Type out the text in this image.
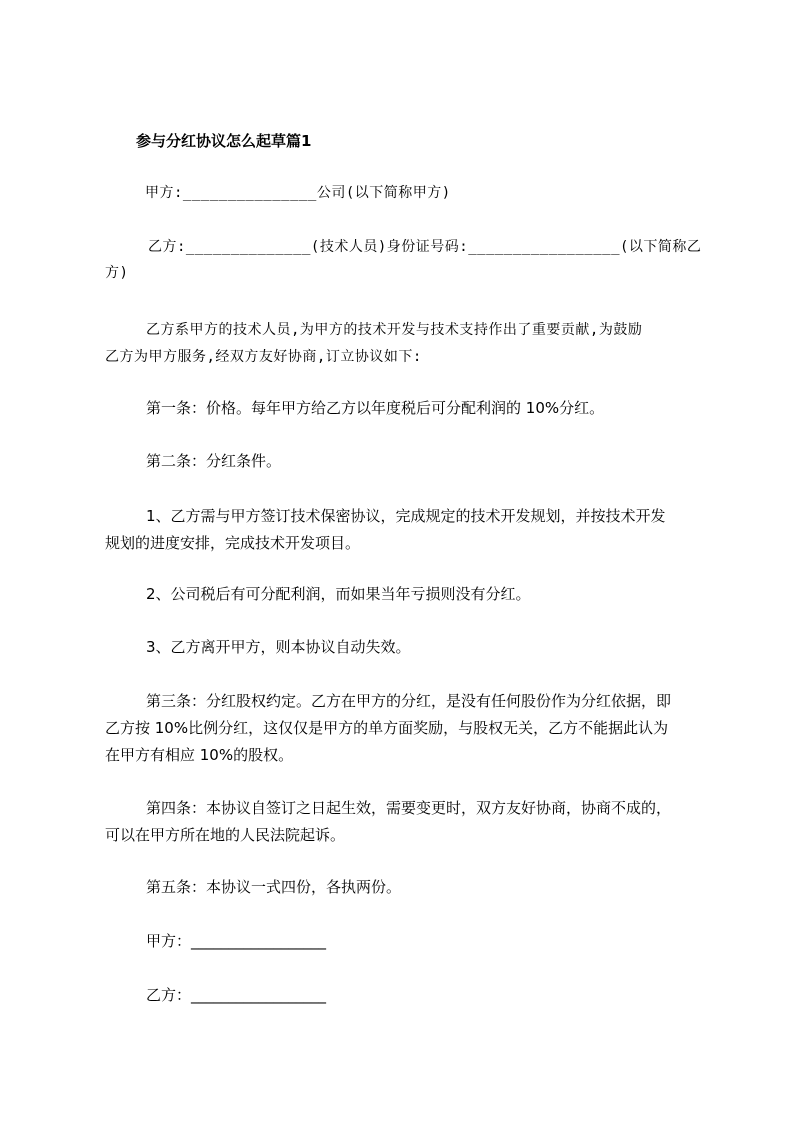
参与分红协议怎么起草篇1
甲方:_______________公司(以下简称甲方)
乙方:______________(技术人员)身份证号码:_________________(以下简称乙
方)
乙方系甲方的技术人员,为甲方的技术开发与技术支持作出了重要贡献,为鼓励
乙方为甲方服务,经双方友好协商,订立协议如下:
第一条：价格。每年甲方给乙方以年度税后可分配利润的 10%分红。
第二条：分红条件。
1、乙方需与甲方签订技术保密协议，完成规定的技术开发规划，并按技术开发
规划的进度安排，完成技术开发项目。
2、公司税后有可分配利润，而如果当年亏损则没有分红。
3、乙方离开甲方，则本协议自动失效。
第三条：分红股权约定。乙方在甲方的分红，是没有任何股份作为分红依据，即
乙方按 10%比例分红，这仅仅是甲方的单方面奖励，与股权无关，乙方不能据此认为
在甲方有相应 10%的股权。
第四条：本协议自签订之日起生效，需要变更时，双方友好协商，协商不成的，
可以在甲方所在地的人民法院起诉。
第五条：本协议一式四份，各执两份。
甲方：__________________
乙方：__________________
